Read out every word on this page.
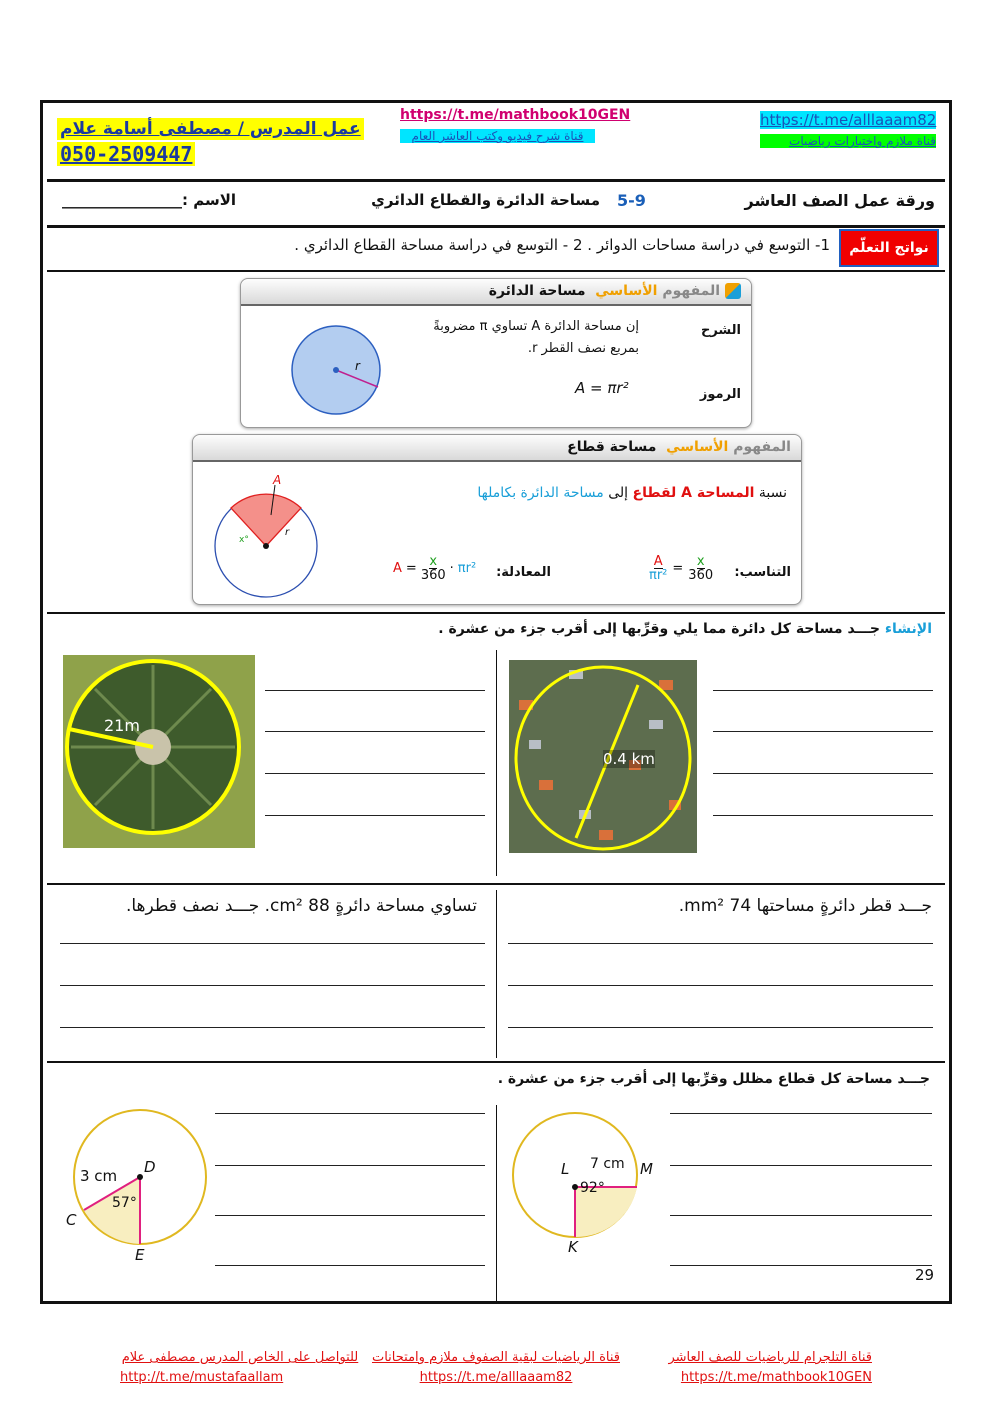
عمل المدرس / مصطفى أسامة علام
050-2509447
https://t.me/mathbook10GEN
قناة شرح فيديو وكتب العاشر العام
https://t.me/alllaaam82
قناة ملازم واختبارات رياضيات
ورقة عمل الصف العاشر
5-9
مساحة الدائرة والقطاع الدائري
الاسم :________________
نواتج التعلّم
1- التوسع في دراسة مساحات الدوائر . 2 - التوسع في دراسة مساحة القطاع الدائري .
المفهوم الأساسي  مساحة الدائرة
الشرح
إن مساحة الدائرة A تساوي π مضروبةً
بمربع نصف القطر r.
الرموز
A = πr²
r
المفهوم الأساسي  مساحة قطاع
نسبة المساحة A لقطاع إلى مساحة الدائرة بكاملها
التناسب:
$\frac{A}{\text{πr²}} = \frac{x}{360}$
المعادلة:
$A = \frac{x}{360} \cdot \pi r^2$
A
x°
r
الإنشاء جـــد مساحة كل دائرة مما يلي وقرِّبها إلى أقرب جزء من عشرة .
21m
0.4 km
تساوي مساحة دائرةٍ 88 cm². جـــد نصف قطرها.	جـــد قطر دائرةٍ مساحتها 74 mm².
جـــد مساحة كل قطاع مظلل وقرِّبها إلى أقرب جزء من عشرة .
3 cm
57°
D
C
E
7 cm
92°
L	M
K
29
للتواصل على الخاص المدرس مصطفى علام
http://t.me/mustafaallam
قناة الرياضيات لبقية الصفوف ملازم وامتحانات
https://t.me/alllaaam82
قناة التلجرام للرياضيات للصف العاشر
https://t.me/mathbook10GEN
